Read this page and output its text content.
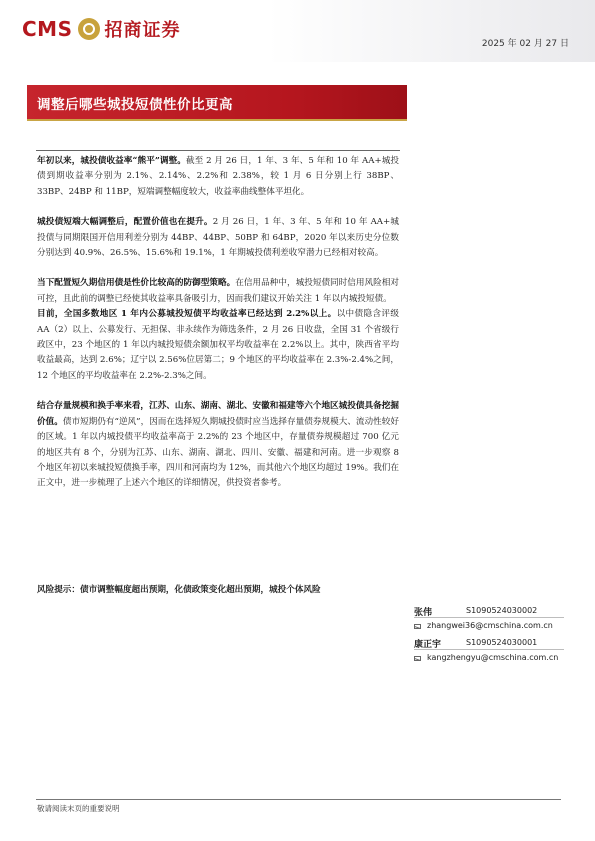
CMS 招商证券
2025 年 02 月 27 日
调整后哪些城投短债性价比更高

年初以来，城投债收益率“熊平”调整。截至 2 月 26 日，1 年、3 年、5 年和 10 年 AA+城投债到期收益率分别为 2.1%、2.14%、2.2%和 2.38%，较 1 月 6 日分别上行 38BP、33BP、24BP 和 11BP，短端调整幅度较大，收益率曲线整体平坦化。

城投债短端大幅调整后，配置价值也在提升。2 月 26 日，1 年、3 年、5 年和 10 年 AA+城投债与同期限国开信用利差分别为 44BP、44BP、50BP 和 64BP，2020 年以来历史分位数分别达到 40.9%、26.5%、15.6%和 19.1%，1 年期城投债利差收窄潜力已经相对较高。

当下配置短久期信用债是性价比较高的防御型策略。在信用品种中，城投短债同时信用风险相对可控，且此前的调整已经使其收益率具备吸引力，因而我们建议开始关注 1 年以内城投短债。

目前，全国多数地区 1 年内公募城投短债平均收益率已经达到 2.2%以上。以中债隐含评级 AA（2）以上、公募发行、无担保、非永续作为筛选条件，2 月 26 日收盘，全国 31 个省级行政区中，23 个地区的 1 年以内城投短债余额加权平均收益率在 2.2%以上。其中，陕西省平均收益最高，达到 2.6%；辽宁以 2.56%位居第二；9 个地区的平均收益率在 2.3%-2.4%之间，12 个地区的平均收益率在 2.2%-2.3%之间。

结合存量规模和换手率来看，江苏、山东、湖南、湖北、安徽和福建等六个地区城投债具备挖掘价值。债市短期仍有“逆风”，因而在选择短久期城投债时应当选择存量债券规模大、流动性较好的区域。1 年以内城投债平均收益率高于 2.2%的 23 个地区中，存量债券规模超过 700 亿元的地区共有 8 个，分别为江苏、山东、湖南、湖北、四川、安徽、福建和河南。进一步观察 8 个地区年初以来城投短债换手率，四川和河南均为 12%，而其他六个地区均超过 19%。我们在正文中，进一步梳理了上述六个地区的详细情况，供投资者参考。

风险提示：债市调整幅度超出预期，化债政策变化超出预期，城投个体风险
张伟	S1090524030002
zhangwei36@cmschina.com.cn
康正宇	S1090524030001
kangzhengyu@cmschina.com.cn
敬请阅读末页的重要说明
